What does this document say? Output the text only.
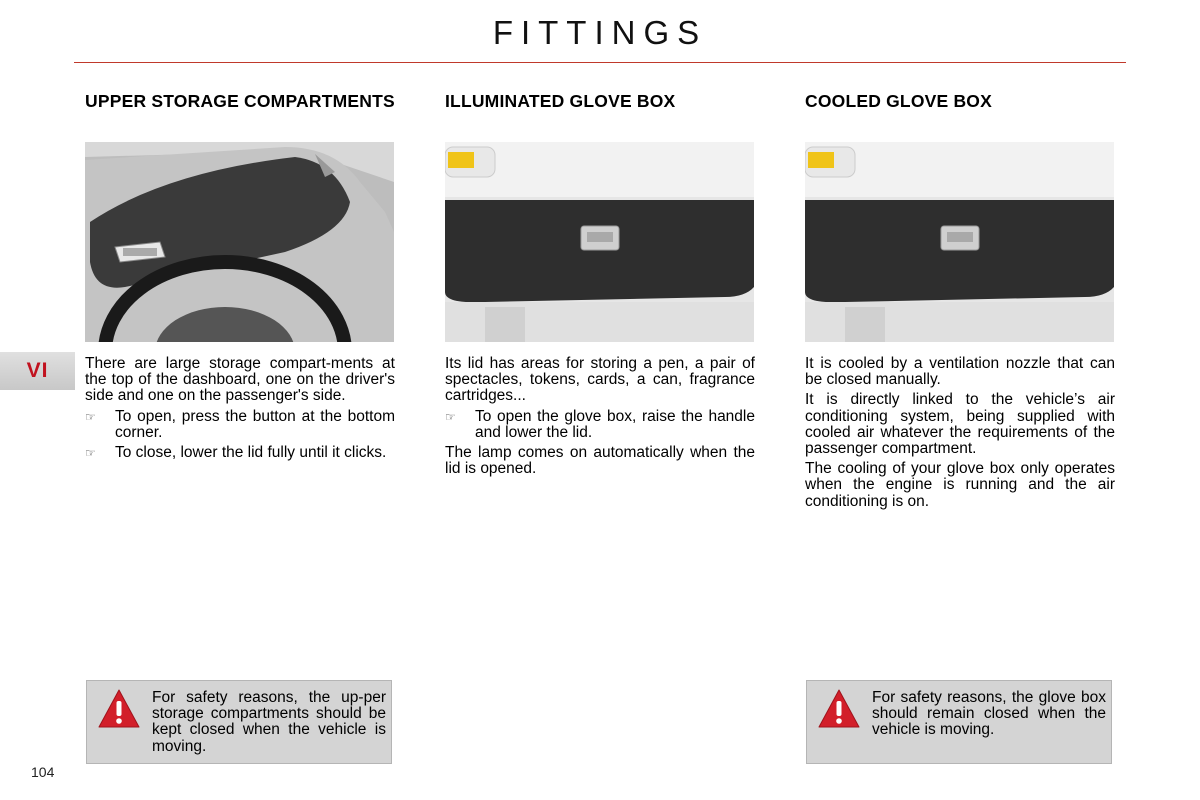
FITTINGS
VI
UPPER STORAGE COMPARTMENTS

There are large storage compart-ments at the top of the dashboard, one on the driver's side and one on the passenger's side.

☞	To open, press the button at the bottom corner.
☞	To close, lower the lid fully until it clicks.
ILLUMINATED GLOVE BOX

Its lid has areas for storing a pen, a pair of spectacles, tokens, cards, a can, fragrance cartridges...

☞	To open the glove box, raise the handle and lower the lid.

The lamp comes on automatically when the lid is opened.

COOLED GLOVE BOX

It is cooled by a ventilation nozzle that can be closed manually.

It is directly linked to the vehicle’s air conditioning system, being supplied with cooled air whatever the requirements of the passenger compartment.

The cooling of your glove box only operates when the engine is running and the air conditioning is on.

For safety reasons, the up-per storage compartments should be kept closed when the vehicle is moving.
For safety reasons, the glove box should remain closed when the vehicle is moving.
104
